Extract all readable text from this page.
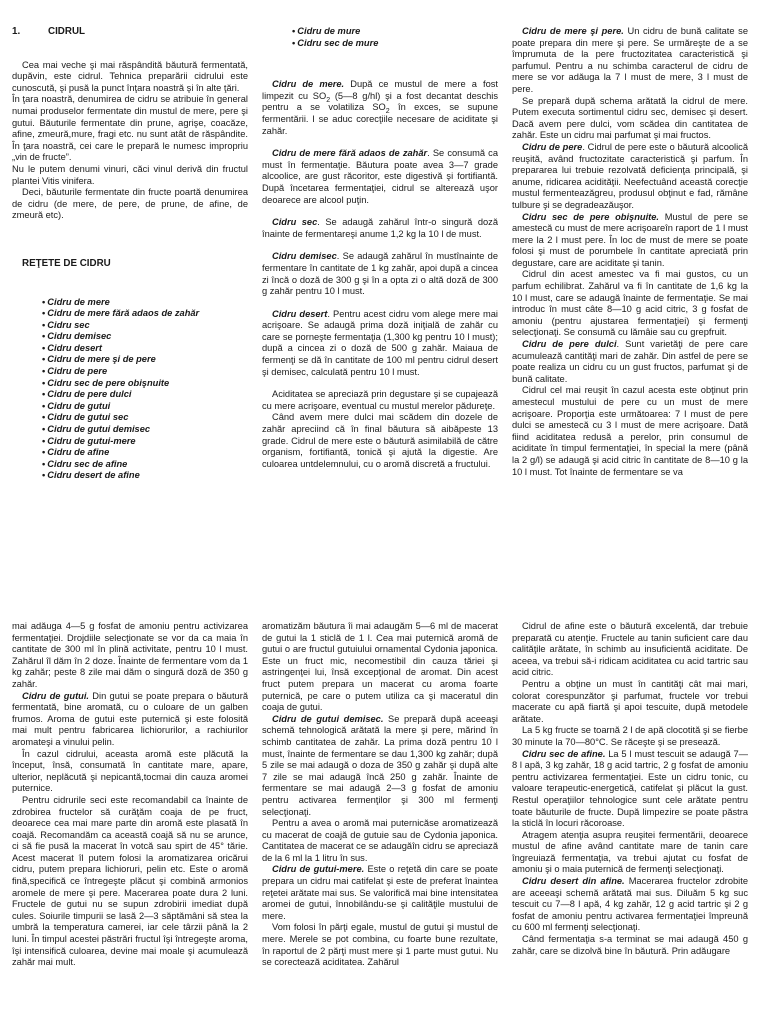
1.	CIDRUL

Cea mai veche şi mai răspândită băutură fermentată, dupăvin, este cidrul. Tehnica preparării cidrului este cunoscută, şi pusă la punct înţara noastră şi în alte ţări.

În ţara noastră, denumirea de cidru se atribuie în general numai produselor fermentate din mustul de mere, pere şi gutui. Băuturile fermentate din prune, agrişe, coacăze, afine, zmeură,mure, fragi etc. nu sunt atât de răspândite. În ţara noastră, cei care le prepară le numesc impropriu „vin de fructe”.

Nu le putem denumi vinuri, căci vinul derivă din fructul plantei Vitis vinifera.

Deci, băuturile fermentate din fructe poartă denumirea de cidru (de mere, de pere, de prune, de afine, de zmeură etc).

REŢETE DE CIDRU
• Cidru de mere
• Cidru de mere fără adaos de zahăr
• Cidru sec
• Cidru demisec
• Cidru desert
• Cidru de mere şi de pere
• Cidru de pere
• Cidru sec de pere obişnuite
• Cidru de pere dulci
• Cidru de gutui
• Cidru de gutui sec
• Cidru de gutui demisec
• Cidru de gutui-mere
• Cidru de afine
• Cidru sec de afine
• Cidru desert de afine
• Cidru de mure
• Cidru sec de mure

Cidru de mere. După ce mustul de mere a fost limpezit cu $SO_2$ (5—8 g/hl) şi a fost decantat deschis pentru a se volatiliza $SO_2$ în exces, se supune fermentării. I se aduc corecţiile necesare de aciditate şi zahăr.

Cidru de mere fără adaos de zahăr. Se consumă ca must în fermentaţie. Băutura poate avea 3—7 grade alcoolice, are gust răcoritor, este digestivă şi fortifiantă. După încetarea fermentaţiei, cidrul se alterează uşor deoarece are alcool puţin.

Cidru sec. Se adaugă zahărul într-o singură doză înainte de fermentareşi anume 1,2 kg la 10 l de must.

Cidru demisec. Se adaugă zahărul în mustînainte de fermentare în cantitate de 1 kg zahăr, apoi după a cincea zi încă o doză de 300 g şi în a opta zi o altă doză de 300 g zahăr pentru 10 l must.

Cidru desert. Pentru acest cidru vom alege mere mai acrişoare. Se adaugă prima doză iniţială de zahăr cu care se porneşte fermentaţia (1,300 kg pentru 10 l must); după a cincea zi o doză de 500 g zahăr. Maiaua de fermenţi se dă în cantitate de 100 ml pentru cidrul desert şi demisec, calculată pentru 10 l must.

Aciditatea se apreciază prin degustare şi se cupajează cu mere acrişoare, eventual cu mustul merelor pădureţe.

Când avem mere dulci mai scădem din dozele de zahăr apreciind că în final băutura să aibăpeste 13 grade. Cidrul de mere este o băutură asimilabilă de către organism, fortifiantă, tonică şi ajută la digestie. Are culoarea untdelemnului, cu o aromă discretă a fructului.

Cidru de mere şi pere. Un cidru de bună calitate se poate prepara din mere şi pere. Se urmăreşte de a se împrumuta de la pere fructozitatea caracteristică şi parfumul. Pentru a nu schimba caracterul de cidru de mere se vor adăuga la 7 l must de mere, 3 l must de pere.

Se prepară după schema arătată la cidrul de mere. Putem executa sortimentul cidru sec, demisec şi desert. Dacă avem pere dulci, vom scădea din cantitatea de zahăr. Este un cidru mai parfumat şi mai fructos.

Cidru de pere. Cidrul de pere este o băutură alcoolică reuşită, având fructozitate caracteristică şi parfum. În prepararea lui trebuie rezolvată deficienţa principală, şi anume, ridicarea acidităţii. Neefectuând această corecţie mustul fermenteazăgreu, produsul obţinut e fad, rămâne tulbure şi se degradeazăuşor.

Cidru sec de pere obişnuite. Mustul de pere se amestecă cu must de mere acrişoareîn raport de 1 l must mere la 2 l must pere. În loc de must de mere se poate folosi şi must de porumbele în cantitate apreciată prin degustare, care are aciditate şi tanin.

Cidrul din acest amestec va fi mai gustos, cu un parfum echilibrat. Zahărul va fi în cantitate de 1,6 kg la 10 l must, care se adaugă înainte de fermentaţie. Se mai introduc în must câte 8—10 g acid citric, 3 g fosfat de amoniu (pentru ajustarea fermentaţiei) şi fermenţi selecţionaţi. Se consumă cu lămâie sau cu grepfruit.

Cidru de pere dulci. Sunt varietăţi de pere care acumulează cantităţi mari de zahăr. Din astfel de pere se poate realiza un cidru cu un gust fructos, parfumat şi de bună calitate.

Cidrul cel mai reuşit în cazul acesta este obţinut prin amestecul mustului de pere cu un must de mere acrişoare. Proporţia este următoarea: 7 l must de pere dulci se amestecă cu 3 l must de mere acrişoare. Dată fiind aciditatea redusă a perelor, prin consumul de aciditate în timpul fermentaţiei, în special la mere (până la 2 g/l) se adaugă şi acid citric în cantitate de 8—10 g la 10 l must. Tot înainte de fermentare se va

mai adăuga 4—5 g fosfat de amoniu pentru activizarea fermentaţiei. Drojdiile selecţionate se vor da ca maia în cantitate de 300 ml în plină activitate, pentru 10 l must. Zahărul îl dăm în 2 doze. Înainte de fermentare vom da 1 kg zahăr; peste 8 zile mai dăm o singură doză de 350 g zahăr.

Cidru de gutui. Din gutui se poate prepara o băutură fermentată, bine aromată, cu o culoare de un galben frumos. Aroma de gutui este puternică şi este folosită mai mult pentru fabricarea lichiorurilor, a rachiurilor aromateşi a vinului pelin.

În cazul cidrului, aceasta aromă este plăcută la început, însă, consumată în cantitate mare, apare, ulterior, neplăcută şi nepicantă,tocmai din cauza aromei puternice.

Pentru cidrurile seci este recomandabil ca înainte de zdrobirea fructelor să curăţăm coaja de pe fruct, deoarece cea mai mare parte din aromă este plasată în coajă. Recomandăm ca această coajă să nu se arunce, ci să fie pusă la macerat în votcă sau spirt de 45° tărie. Acest macerat îl putem folosi la aromatizarea oricărui cidru, putem prepara lichioruri, pelin etc. Este o aromă fină,specifică ce întregeşte plăcut şi combină armonios aromele de mere şi pere. Macerarea poate dura 2 luni. Fructele de gutui nu se supun zdrobirii imediat după cules. Soiurile timpurii se lasă 2—3 săptămâni să stea la umbră la temperatura camerei, iar cele târzii până la 2 luni. În timpul acestei păstrări fructul îşi întregeşte aroma, îşi intensifică culoarea, devine mai moale şi acumulează zahăr mai mult.

aromatizăm băutura îi mai adaugăm 5—6 ml de macerat de gutui la 1 sticlă de 1 l. Cea mai puternică aromă de gutui o are fructul gutuiului ornamental Cydonia japonica. Este un fruct mic, necomestibil din cauza tăriei şi astringenţei lui, însă excepţional de aromat. Din acest fruct putem prepara un macerat cu aroma foarte puternică, pe care o putem utiliza ca şi maceratul din coaja de gutui.

Cidru de gutui demisec. Se prepară după aceeaşi schemă tehnologică arătată la mere şi pere, mărind în schimb cantitatea de zahăr. La prima doză pentru 10 l must, înainte de fermentare se dau 1,300 kg zahăr; după 5 zile se mai adaugă o doza de 350 g zahăr şi după alte 7 zile se mai adaugă încă 250 g zahăr. Înainte de fermentare se mai adaugă 2—3 g fosfat de amoniu pentru activarea fermenţilor şi 300 ml fermenţi selecţionaţi.

Pentru a avea o aromă mai puternicăse aromatizează cu macerat de coajă de gutuie sau de Cydonia japonica. Cantitatea de macerat ce se adaugăîn cidru se apreciază de la 6 ml la 1 litru în sus.

Cidru de gutui-mere. Este o reţetă din care se poate prepara un cidru mai catifelat şi este de preferat înaintea reţetei arătate mai sus. Se valorifică mai bine intensitatea aromei de gutui, înnobilându-se şi calităţile mustului de mere.

Vom folosi în părţi egale, mustul de gutui şi mustul de mere. Merele se pot combina, cu foarte bune rezultate, în raportul de 2 părţi must mere şi 1 parte must gutui. Nu se corectează aciditatea. Zahărul

Cidrul de afine este o băutură excelentă, dar trebuie preparată cu atenţie. Fructele au tanin suficient care dau calităţile arătate, în schimb au insuficientă aciditate. De aceea, va trebui să-i ridicam aciditatea cu acid tartric sau acid citric.

Pentru a obţine un must în cantităţi cât mai mari, colorat corespunzător şi parfumat, fructele vor trebui macerate cu apă fiartă şi apoi tescuite, după metodele arătate.

La 5 kg fructe se toarnă 2 l de apă clocotită şi se fierbe 30 minute la 70—80°C. Se răceşte şi se presează.

Cidru sec de afine. La 5 l must tescuit se adaugă 7—8 l apă, 3 kg zahăr, 18 g acid tartric, 2 g fosfat de amoniu pentru activizarea fermentaţiei. Este un cidru tonic, cu valoare terapeutic-energetică, catifelat şi plăcut la gust. Restul operaţiilor tehnologice sunt cele arătate pentru toate băuturile de fructe. După limpezire se poate păstra la sticlă în locuri răcoroase.

Atragem atenţia asupra reuşitei fermentării, deoarece mustul de afine având cantitate mare de tanin care îngreuiază fermentaţia, va trebui ajutat cu fosfat de amoniu şi o maia puternică de fermenţi selecţionaţi.

Cidru desert din afine. Macerarea fructelor zdrobite are aceeaşi schemă arătată mai sus. Diluăm 5 kg suc tescuit cu 7—8 l apă, 4 kg zahăr, 12 g acid tartric şi 2 g fosfat de amoniu pentru activarea fermentaţiei împreună cu 600 ml fermenţi selecţionaţi.

Când fermentaţia s-a terminat se mai adaugă 450 g zahăr, care se dizolvă bine în băutură. Prin adăugare
